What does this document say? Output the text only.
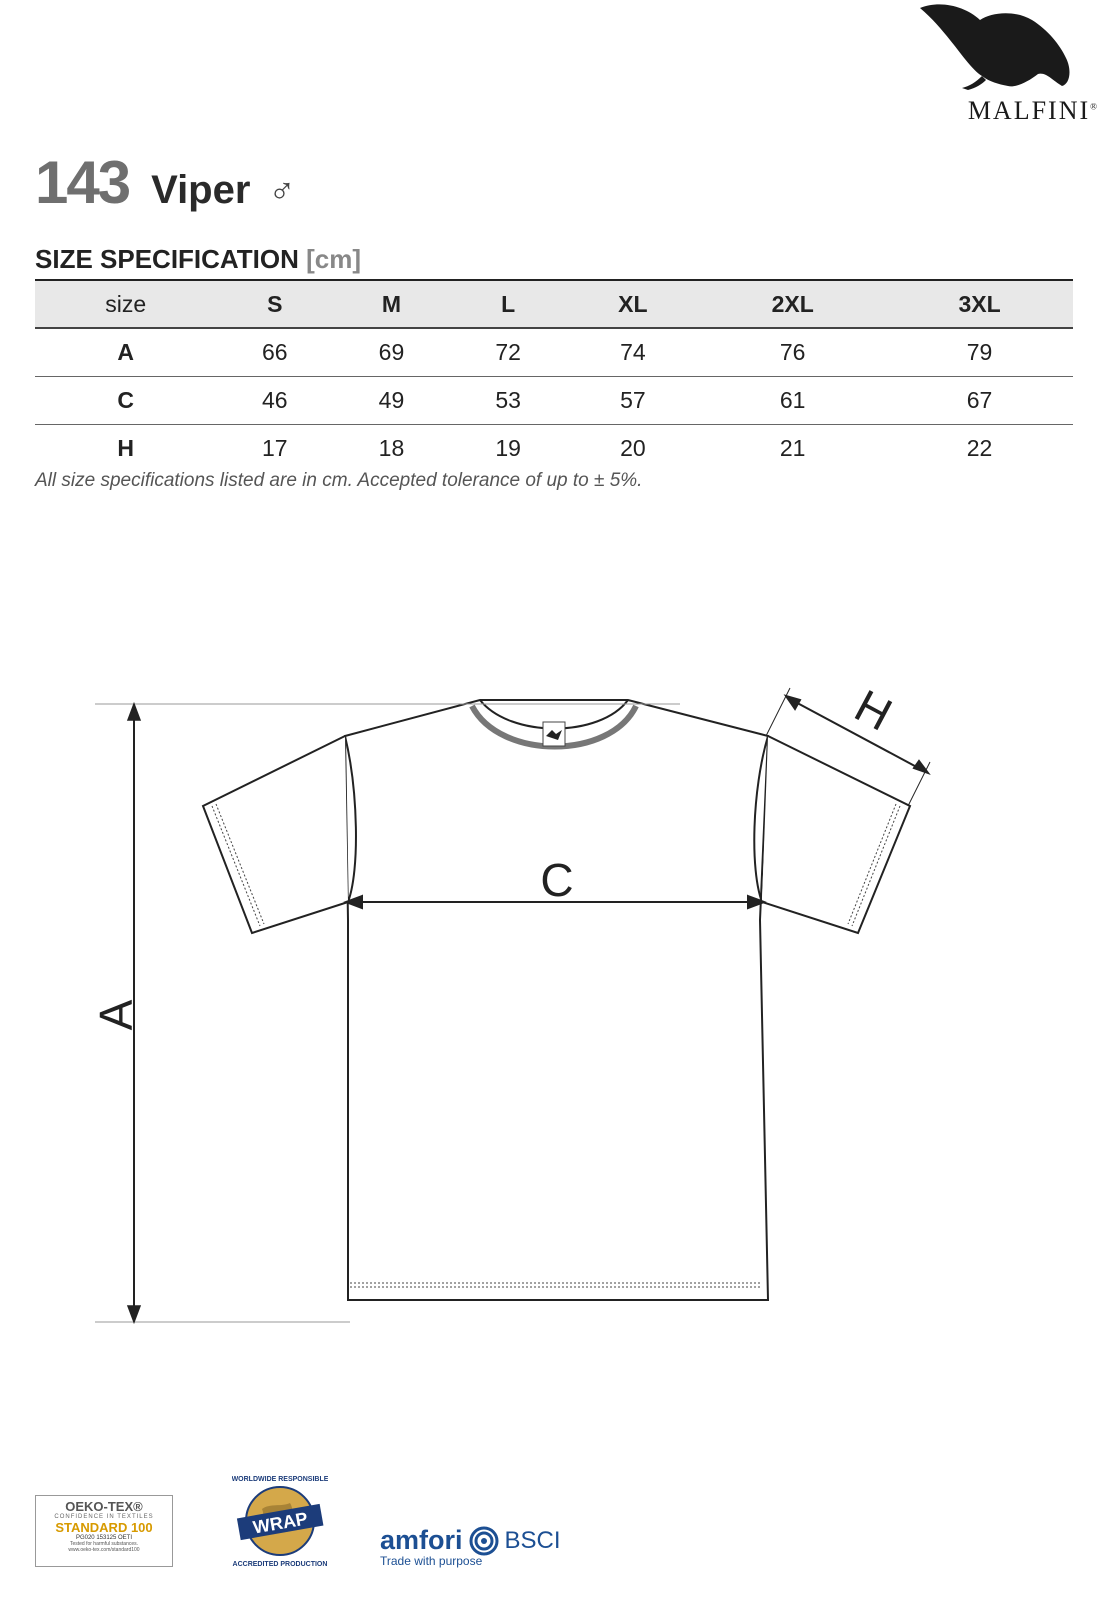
MALFINI®
143 Viper ♂
SIZE SPECIFICATION [cm]
size	S	M	L	XL	2XL	3XL
A	66	69	72	74	76	79
C	46	49	53	57	61	67
H	17	18	19	20	21	22
All size specifications listed are in cm. Accepted tolerance of up to ± 5%.
A
C
H
OEKO-TEX®
CONFIDENCE IN TEXTILES
STANDARD 100
PG020 153125 OETI
Tested for harmful substances.
www.oeko-tex.com/standard100
WRAP
WORLDWIDE RESPONSIBLE
ACCREDITED PRODUCTION
amfori BSCI
Trade with purpose
